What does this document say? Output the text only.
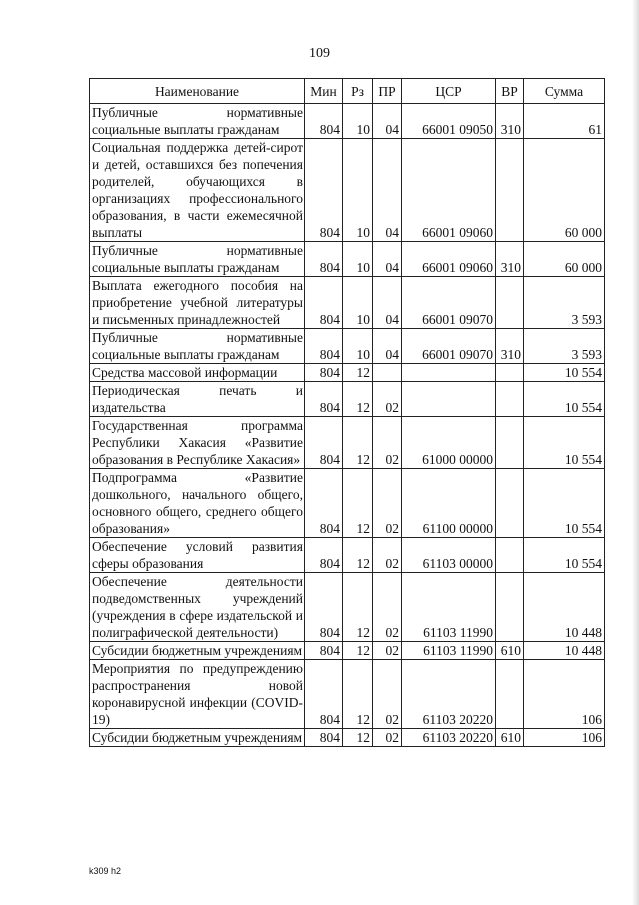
109
Наименование	Мин	Рз	ПР	ЦСР	ВР	Сумма
Публичные нормативные социальные выплаты гражданам	804	10	04	66001 09050	310	61
Социальная поддержка детей-сирот и детей, оставшихся без попечения родителей, обучающихся в организациях профессионального образования, в части ежемесячной выплаты	804	10	04	66001 09060		60 000
Публичные нормативные социальные выплаты гражданам	804	10	04	66001 09060	310	60 000
Выплата ежегодного пособия на приобретение учебной литературы и письменных принадлежностей	804	10	04	66001 09070		3 593
Публичные нормативные социальные выплаты гражданам	804	10	04	66001 09070	310	3 593
Средства массовой информации	804	12				10 554
Периодическая печать и издательства	804	12	02			10 554
Государственная программа Республики Хакасия «Развитие образования в Республике Хакасия»	804	12	02	61000 00000		10 554
Подпрограмма «Развитие дошкольного, начального общего, основного общего, среднего общего образования»	804	12	02	61100 00000		10 554
Обеспечение условий развития сферы образования	804	12	02	61103 00000		10 554
Обеспечение деятельности подведомственных учреждений (учреждения в сфере издательской и полиграфической деятельности)	804	12	02	61103 11990		10 448
Субсидии бюджетным учреждениям	804	12	02	61103 11990	610	10 448
Мероприятия по предупреждению распространения новой коронавирусной инфекции (COVID-19)	804	12	02	61103 20220		106
Субсидии бюджетным учреждениям	804	12	02	61103 20220	610	106
k309 h2
